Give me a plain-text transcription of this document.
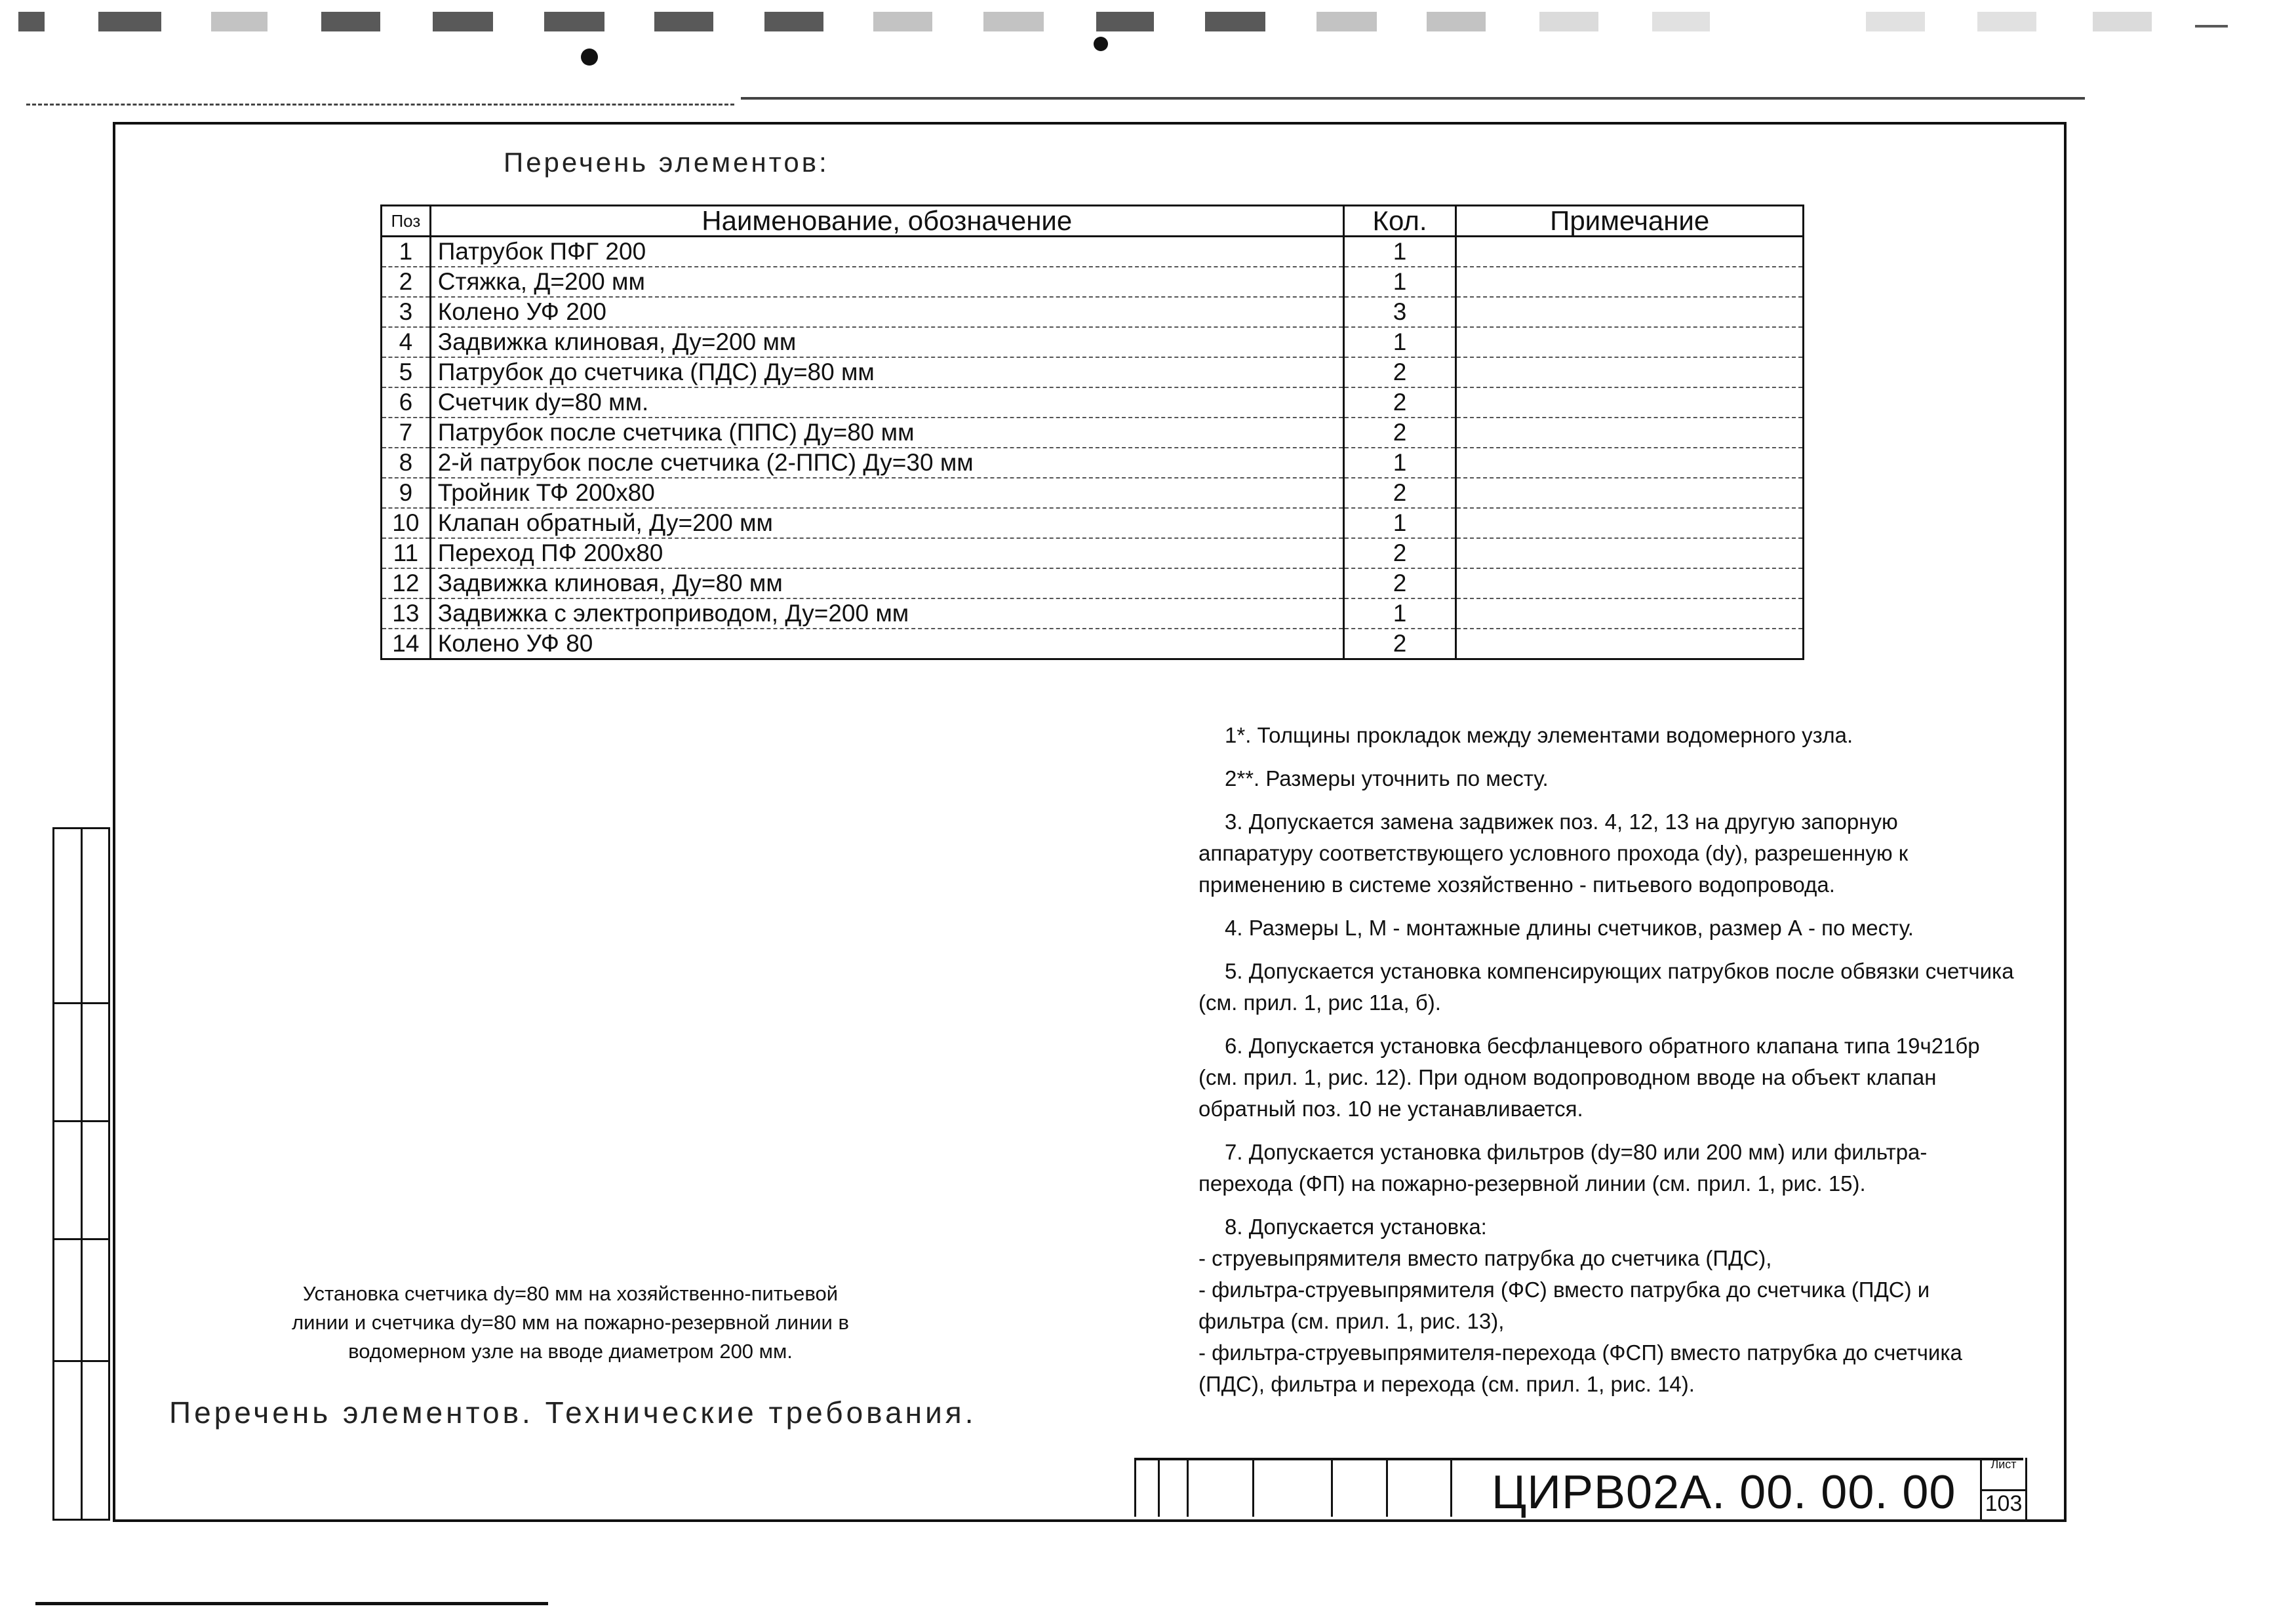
Перечень элементов:
Поз	Наименование, обозначение	Кол.	Примечание
1	Патрубок ПФГ 200	1	
2	Стяжка, Д=200 мм	1	
3	Колено УФ 200	3	
4	Задвижка клиновая, Ду=200 мм	1	
5	Патрубок до счетчика (ПДС) Ду=80 мм	2	
6	Счетчик dy=80 мм.	2	
7	Патрубок после счетчика (ППС) Ду=80 мм	2	
8	2-й патрубок после счетчика (2-ППС) Ду=30 мм	1	
9	Тройник ТФ 200х80	2	
10	Клапан обратный, Ду=200 мм	1	
11	Переход ПФ 200х80	2	
12	Задвижка клиновая, Ду=80 мм	2	
13	Задвижка с электроприводом, Ду=200 мм	1	
14	Колено УФ 80	2	

1*. Толщины прокладок между элементами водомерного узла.

2**. Размеры уточнить по месту.

3. Допускается замена задвижек поз. 4, 12, 13 на другую запорную аппаратуру соответствующего условного прохода (dy), разрешенную к применению в системе хозяйственно - питьевого водопровода.

4. Размеры L, M - монтажные длины счетчиков, размер А - по месту.

5. Допускается установка компенсирующих патрубков после обвязки счетчика (см. прил. 1, рис 11а, б).

6. Допускается установка бесфланцевого обратного клапана типа 19ч21бр (см. прил. 1, рис. 12). При одном водопроводном вводе на объект клапан обратный поз. 10 не устанавливается.

7. Допускается установка фильтров (dy=80 или 200 мм) или фильтра-перехода (ФП) на пожарно-резервной линии (см. прил. 1, рис. 15).

8. Допускается установка:

- струевыпрямителя вместо патрубка до счетчика (ПДС),

- фильтра-струевыпрямителя (ФС) вместо патрубка до счетчика (ПДС) и фильтра (см. прил. 1, рис. 13),

- фильтра-струевыпрямителя-перехода (ФСП) вместо патрубка до счетчика (ПДС), фильтра и перехода (см. прил. 1, рис. 14).

Установка счетчика dy=80 мм на хозяйственно-питьевой
линии и счетчика dy=80 мм на пожарно-резервной линии в
водомерном узле на вводе диаметром 200 мм.
Перечень элементов. Технические требования.
ЦИРВ02А. 00. 00. 00
Лист
103
